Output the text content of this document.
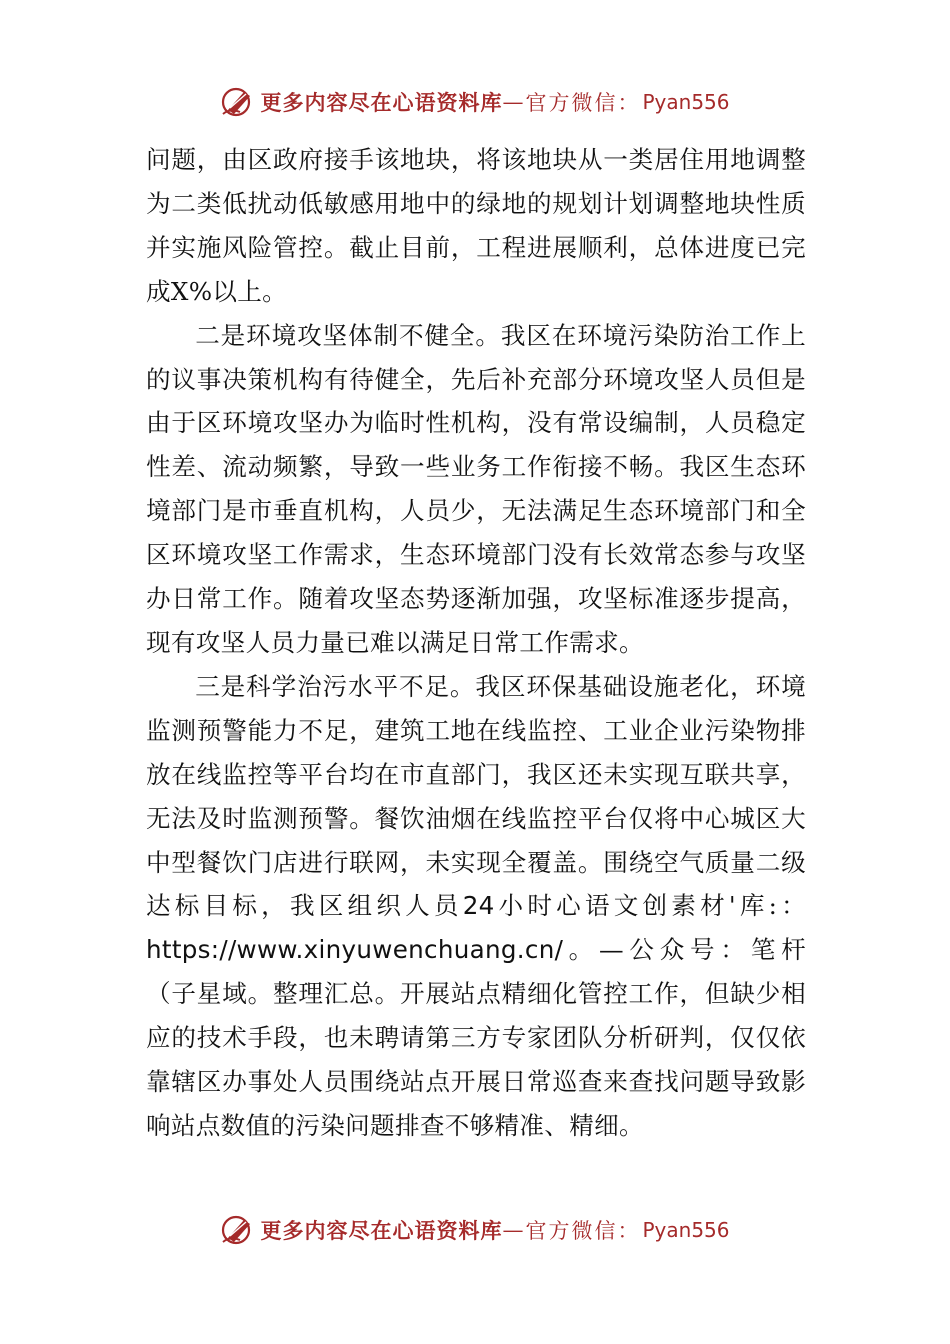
更多内容尽在心语资料库 — 官方微信： Pyan556

问题，由区政府接手该地块，将该地块从一类居住用地调整为二类低扰动低敏感用地中的绿地的规划计划调整地块性质并实施风险管控。截止目前，工程进展顺利，总体进度已完成X%以上。

二是环境攻坚体制不健全。我区在环境污染防治工作上的议事决策机构有待健全，先后补充部分环境攻坚人员但是由于区环境攻坚办为临时性机构，没有常设编制，人员稳定性差、流动频繁，导致一些业务工作衔接不畅。我区生态环境部门是市垂直机构，人员少，无法满足生态环境部门和全区环境攻坚工作需求，生态环境部门没有长效常态参与攻坚办日常工作。随着攻坚态势逐渐加强，攻坚标准逐步提高，现有攻坚人员力量已难以满足日常工作需求。

三是科学治污水平不足。我区环保基础设施老化，环境监测预警能力不足，建筑工地在线监控、工业企业污染物排放在线监控等平台均在市直部门，我区还未实现互联共享，无法及时监测预警。餐饮油烟在线监控平台仅将中心城区大中型餐饮门店进行联网，未实现全覆盖。围绕空气质量二级达标目标，我区组织人员24小时心语文创素材'库:：https://www.xinyuwenchuang.cn/。—公众号：笔杆（子星域。整理汇总。开展站点精细化管控工作，但缺少相应的技术手段，也未聘请第三方专家团队分析研判，仅仅依靠辖区办事处人员围绕站点开展日常巡查来查找问题导致影响站点数值的污染问题排查不够精准、精细。

更多内容尽在心语资料库 — 官方微信： Pyan556
